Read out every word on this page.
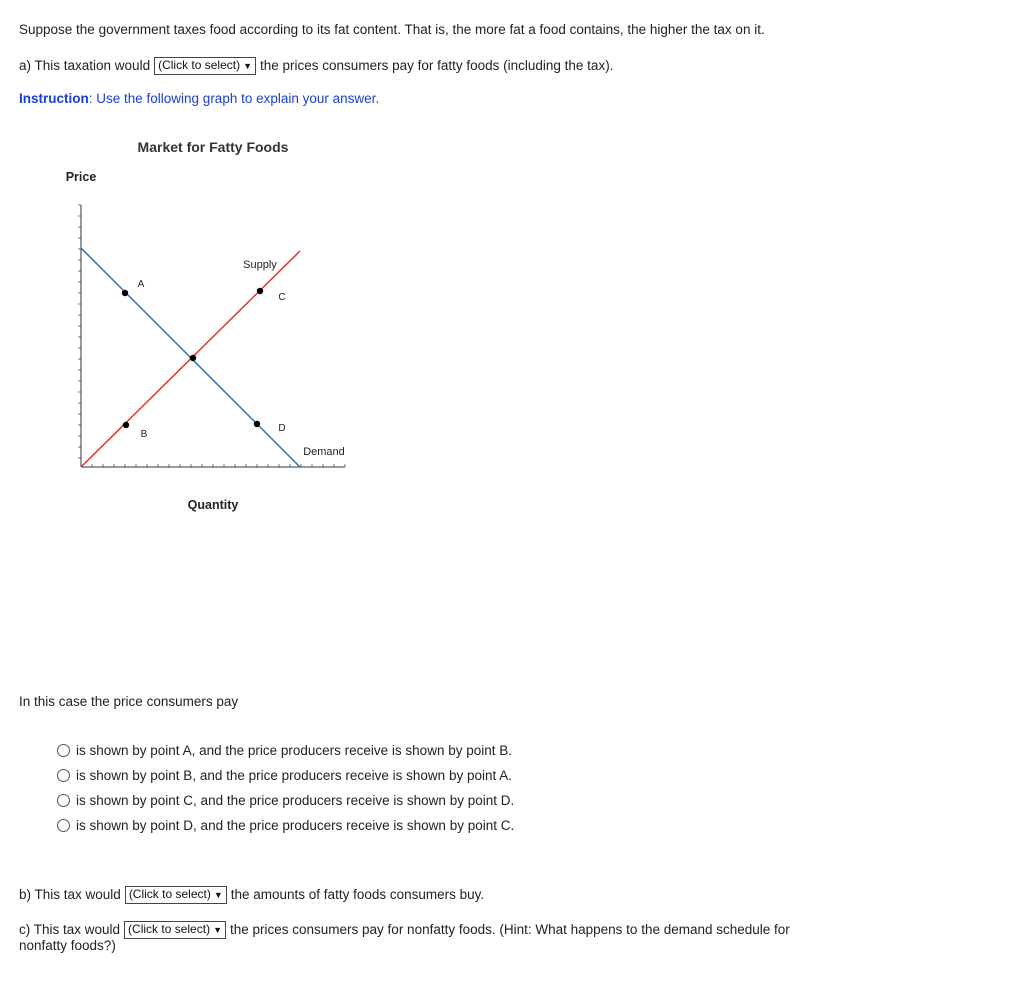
Suppose the government taxes food according to its fat content. That is, the more fat a food contains, the higher the tax on it.
a) This taxation would (Click to select) ▼ the prices consumers pay for fatty foods (including the tax).
Instruction: Use the following graph to explain your answer.
Market for Fatty Foods
Price
A
B
C
D
Supply
Demand
Quantity
In this case the price consumers pay
is shown by point A, and the price producers receive is shown by point B.
is shown by point B, and the price producers receive is shown by point A.
is shown by point C, and the price producers receive is shown by point D.
is shown by point D, and the price producers receive is shown by point C.
b) This tax would (Click to select) ▼ the amounts of fatty foods consumers buy.
c) This tax would (Click to select) ▼ the prices consumers pay for nonfatty foods. (Hint: What happens to the demand schedule for
nonfatty foods?)
